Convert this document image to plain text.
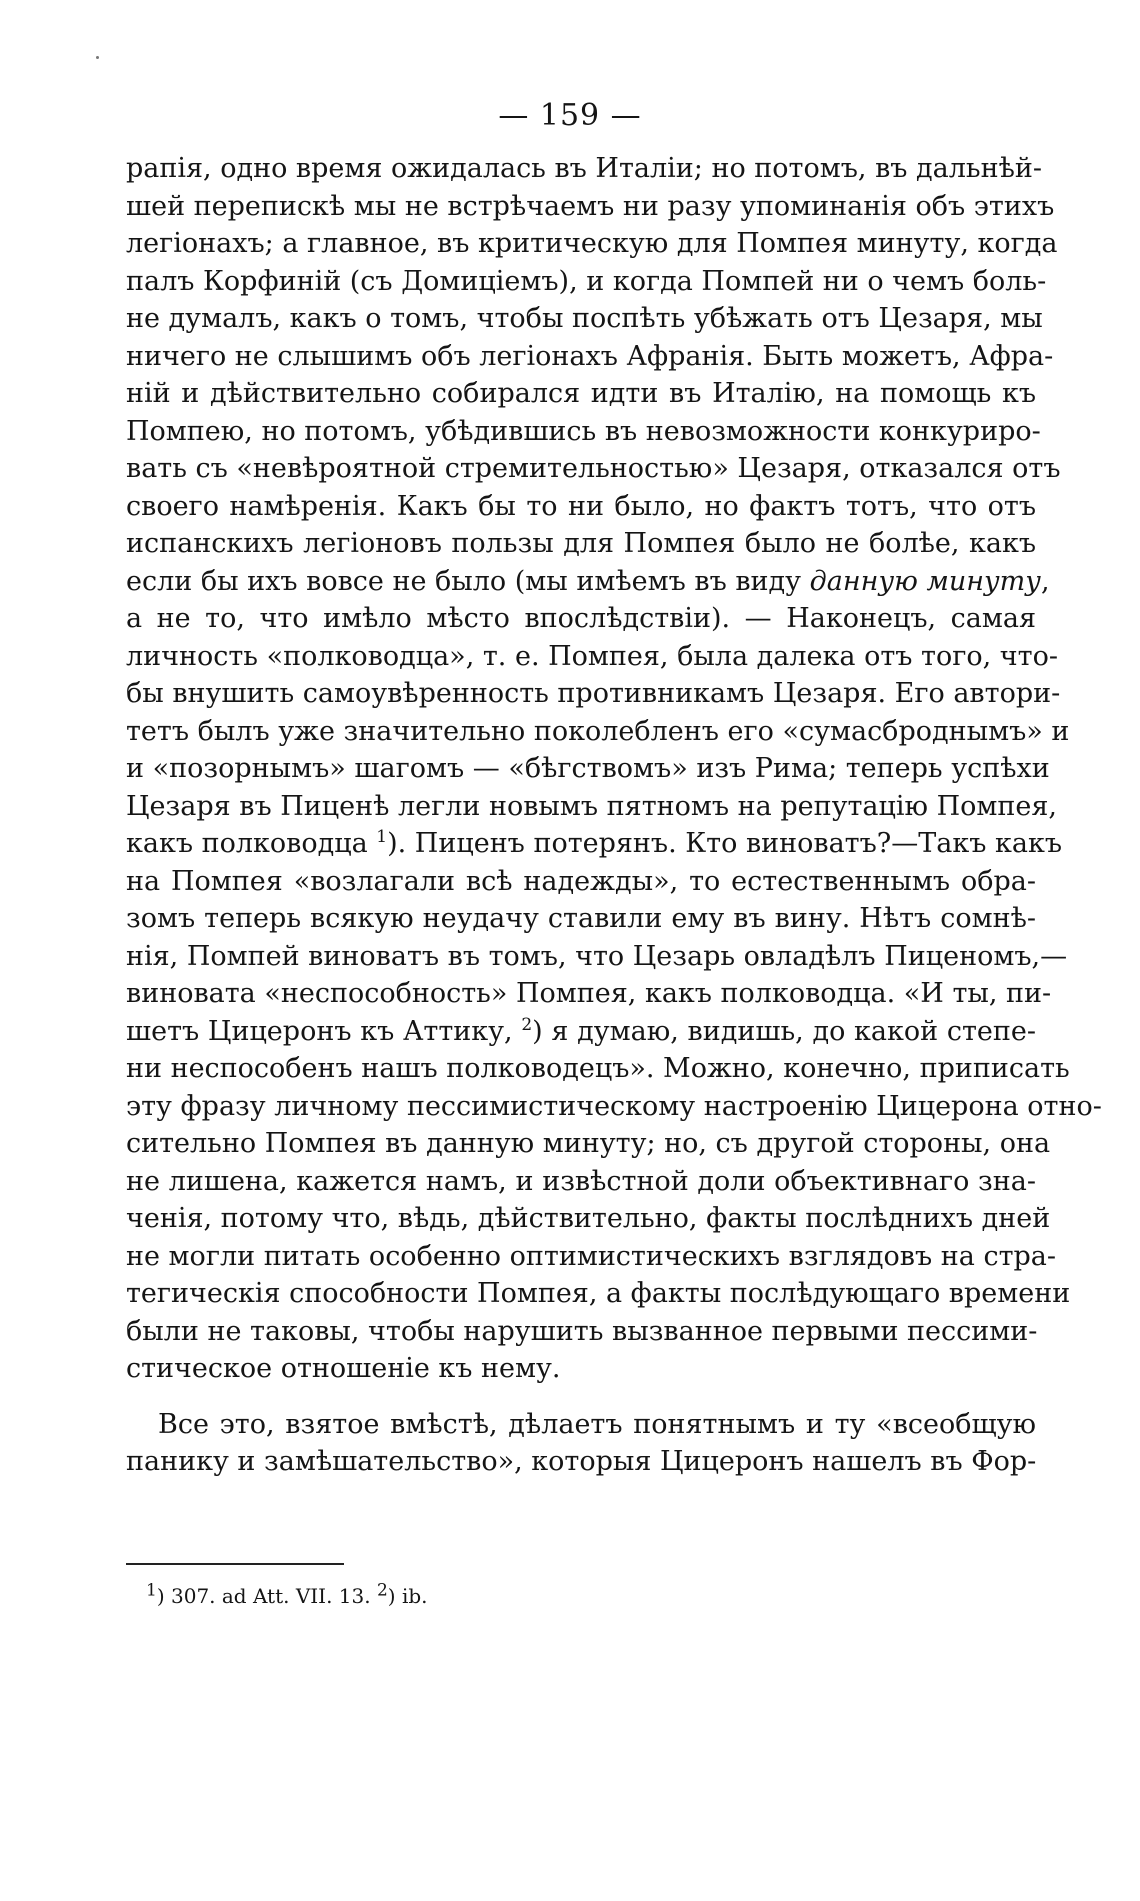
— 159 —
рапія, одно время ожидалась въ Италіи; но потомъ, въ дальнѣй-
шей перепискѣ мы не встрѣчаемъ ни разу упоминанія объ этихъ
легіонахъ; а главное, въ критическую для Помпея минуту, когда
палъ Корфиній (съ Домиціемъ), и когда Помпей ни о чемъ боль-
не думалъ, какъ о томъ, чтобы поспѣть убѣжать отъ Цезаря, мы
ничего не слышимъ объ легіонахъ Афранія. Быть можетъ, Афра-
ній и дѣйствительно собирался идти въ Италію, на помощь къ
Помпею, но потомъ, убѣдившись въ невозможности конкуриро-
вать съ «невѣроятной стремительностью» Цезаря, отказался отъ
своего намѣренія. Какъ бы то ни было, но фактъ тотъ, что отъ
испанскихъ легіоновъ пользы для Помпея было не болѣе, какъ
если бы ихъ вовсе не было (мы имѣемъ въ виду данную минуту,
а не то, что имѣло мѣсто впослѣдствіи). — Наконецъ, самая
личность «полководца», т. е. Помпея, была далека отъ того, что-
бы внушить самоувѣренность противникамъ Цезаря. Его автори-
тетъ былъ уже значительно поколебленъ его «сумасброднымъ» и
и «позорнымъ» шагомъ — «бѣгствомъ» изъ Рима; теперь успѣхи
Цезаря въ Пиценѣ легли новымъ пятномъ на репутацію Помпея,
какъ полководца $^1$). Пиценъ потерянъ. Кто виноватъ?—Такъ какъ
на Помпея «возлагали всѣ надежды», то естественнымъ обра-
зомъ теперь всякую неудачу ставили ему въ вину. Нѣтъ сомнѣ-
нія, Помпей виноватъ въ томъ, что Цезарь овладѣлъ Пиценомъ,—
виновата «неспособность» Помпея, какъ полководца. «И ты, пи-
шетъ Цицеронъ къ Аттику, $^2$) я думаю, видишь, до какой степе-
ни неспособенъ нашъ полководецъ». Можно, конечно, приписать
эту фразу личному пессимистическому настроенію Цицерона отно-
сительно Помпея въ данную минуту; но, съ другой стороны, она
не лишена, кажется намъ, и извѣстной доли объективнаго зна-
ченія, потому что, вѣдь, дѣйствительно, факты послѣднихъ дней
не могли питать особенно оптимистическихъ взглядовъ на стра-
тегическія способности Помпея, а факты послѣдующаго времени
были не таковы, чтобы нарушить вызванное первыми пессими-
стическое отношеніе къ нему.
Все это, взятое вмѣстѣ, дѣлаетъ понятнымъ и ту «всеобщую
панику и замѣшательство», которыя Цицеронъ нашелъ въ Фор-
$^1$) 307. ad Att. VII. 13. $^2$) ib.
